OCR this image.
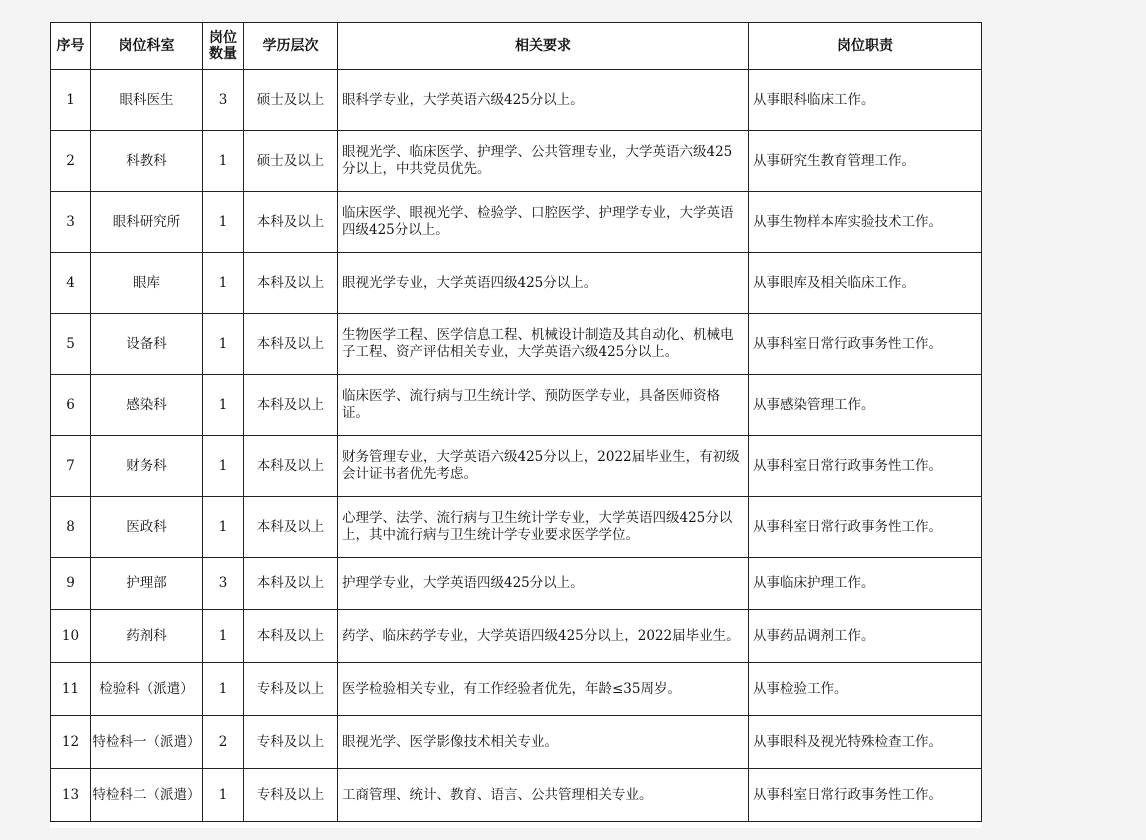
序号	岗位科室	岗位数量	学历层次	相关要求	岗位职责
1	眼科医生	3	硕士及以上	眼科学专业，大学英语六级425分以上。	从事眼科临床工作。
2	科教科	1	硕士及以上	眼视光学、临床医学、护理学、公共管理专业，大学英语六级425分以上，中共党员优先。	从事研究生教育管理工作。
3	眼科研究所	1	本科及以上	临床医学、眼视光学、检验学、口腔医学、护理学专业，大学英语四级425分以上。	从事生物样本库实验技术工作。
4	眼库	1	本科及以上	眼视光学专业，大学英语四级425分以上。	从事眼库及相关临床工作。
5	设备科	1	本科及以上	生物医学工程、医学信息工程、机械设计制造及其自动化、机械电子工程、资产评估相关专业，大学英语六级425分以上。	从事科室日常行政事务性工作。
6	感染科	1	本科及以上	临床医学、流行病与卫生统计学、预防医学专业，具备医师资格证。	从事感染管理工作。
7	财务科	1	本科及以上	财务管理专业，大学英语六级425分以上，2022届毕业生，有初级会计证书者优先考虑。	从事科室日常行政事务性工作。
8	医政科	1	本科及以上	心理学、法学、流行病与卫生统计学专业，大学英语四级425分以上，其中流行病与卫生统计学专业要求医学学位。	从事科室日常行政事务性工作。
9	护理部	3	本科及以上	护理学专业，大学英语四级425分以上。	从事临床护理工作。
10	药剂科	1	本科及以上	药学、临床药学专业，大学英语四级425分以上，2022届毕业生。	从事药品调剂工作。
11	检验科（派遣）	1	专科及以上	医学检验相关专业，有工作经验者优先，年龄≤35周岁。	从事检验工作。
12	特检科一（派遣）	2	专科及以上	眼视光学、医学影像技术相关专业。	从事眼科及视光特殊检查工作。
13	特检科二（派遣）	1	专科及以上	工商管理、统计、教育、语言、公共管理相关专业。	从事科室日常行政事务性工作。
